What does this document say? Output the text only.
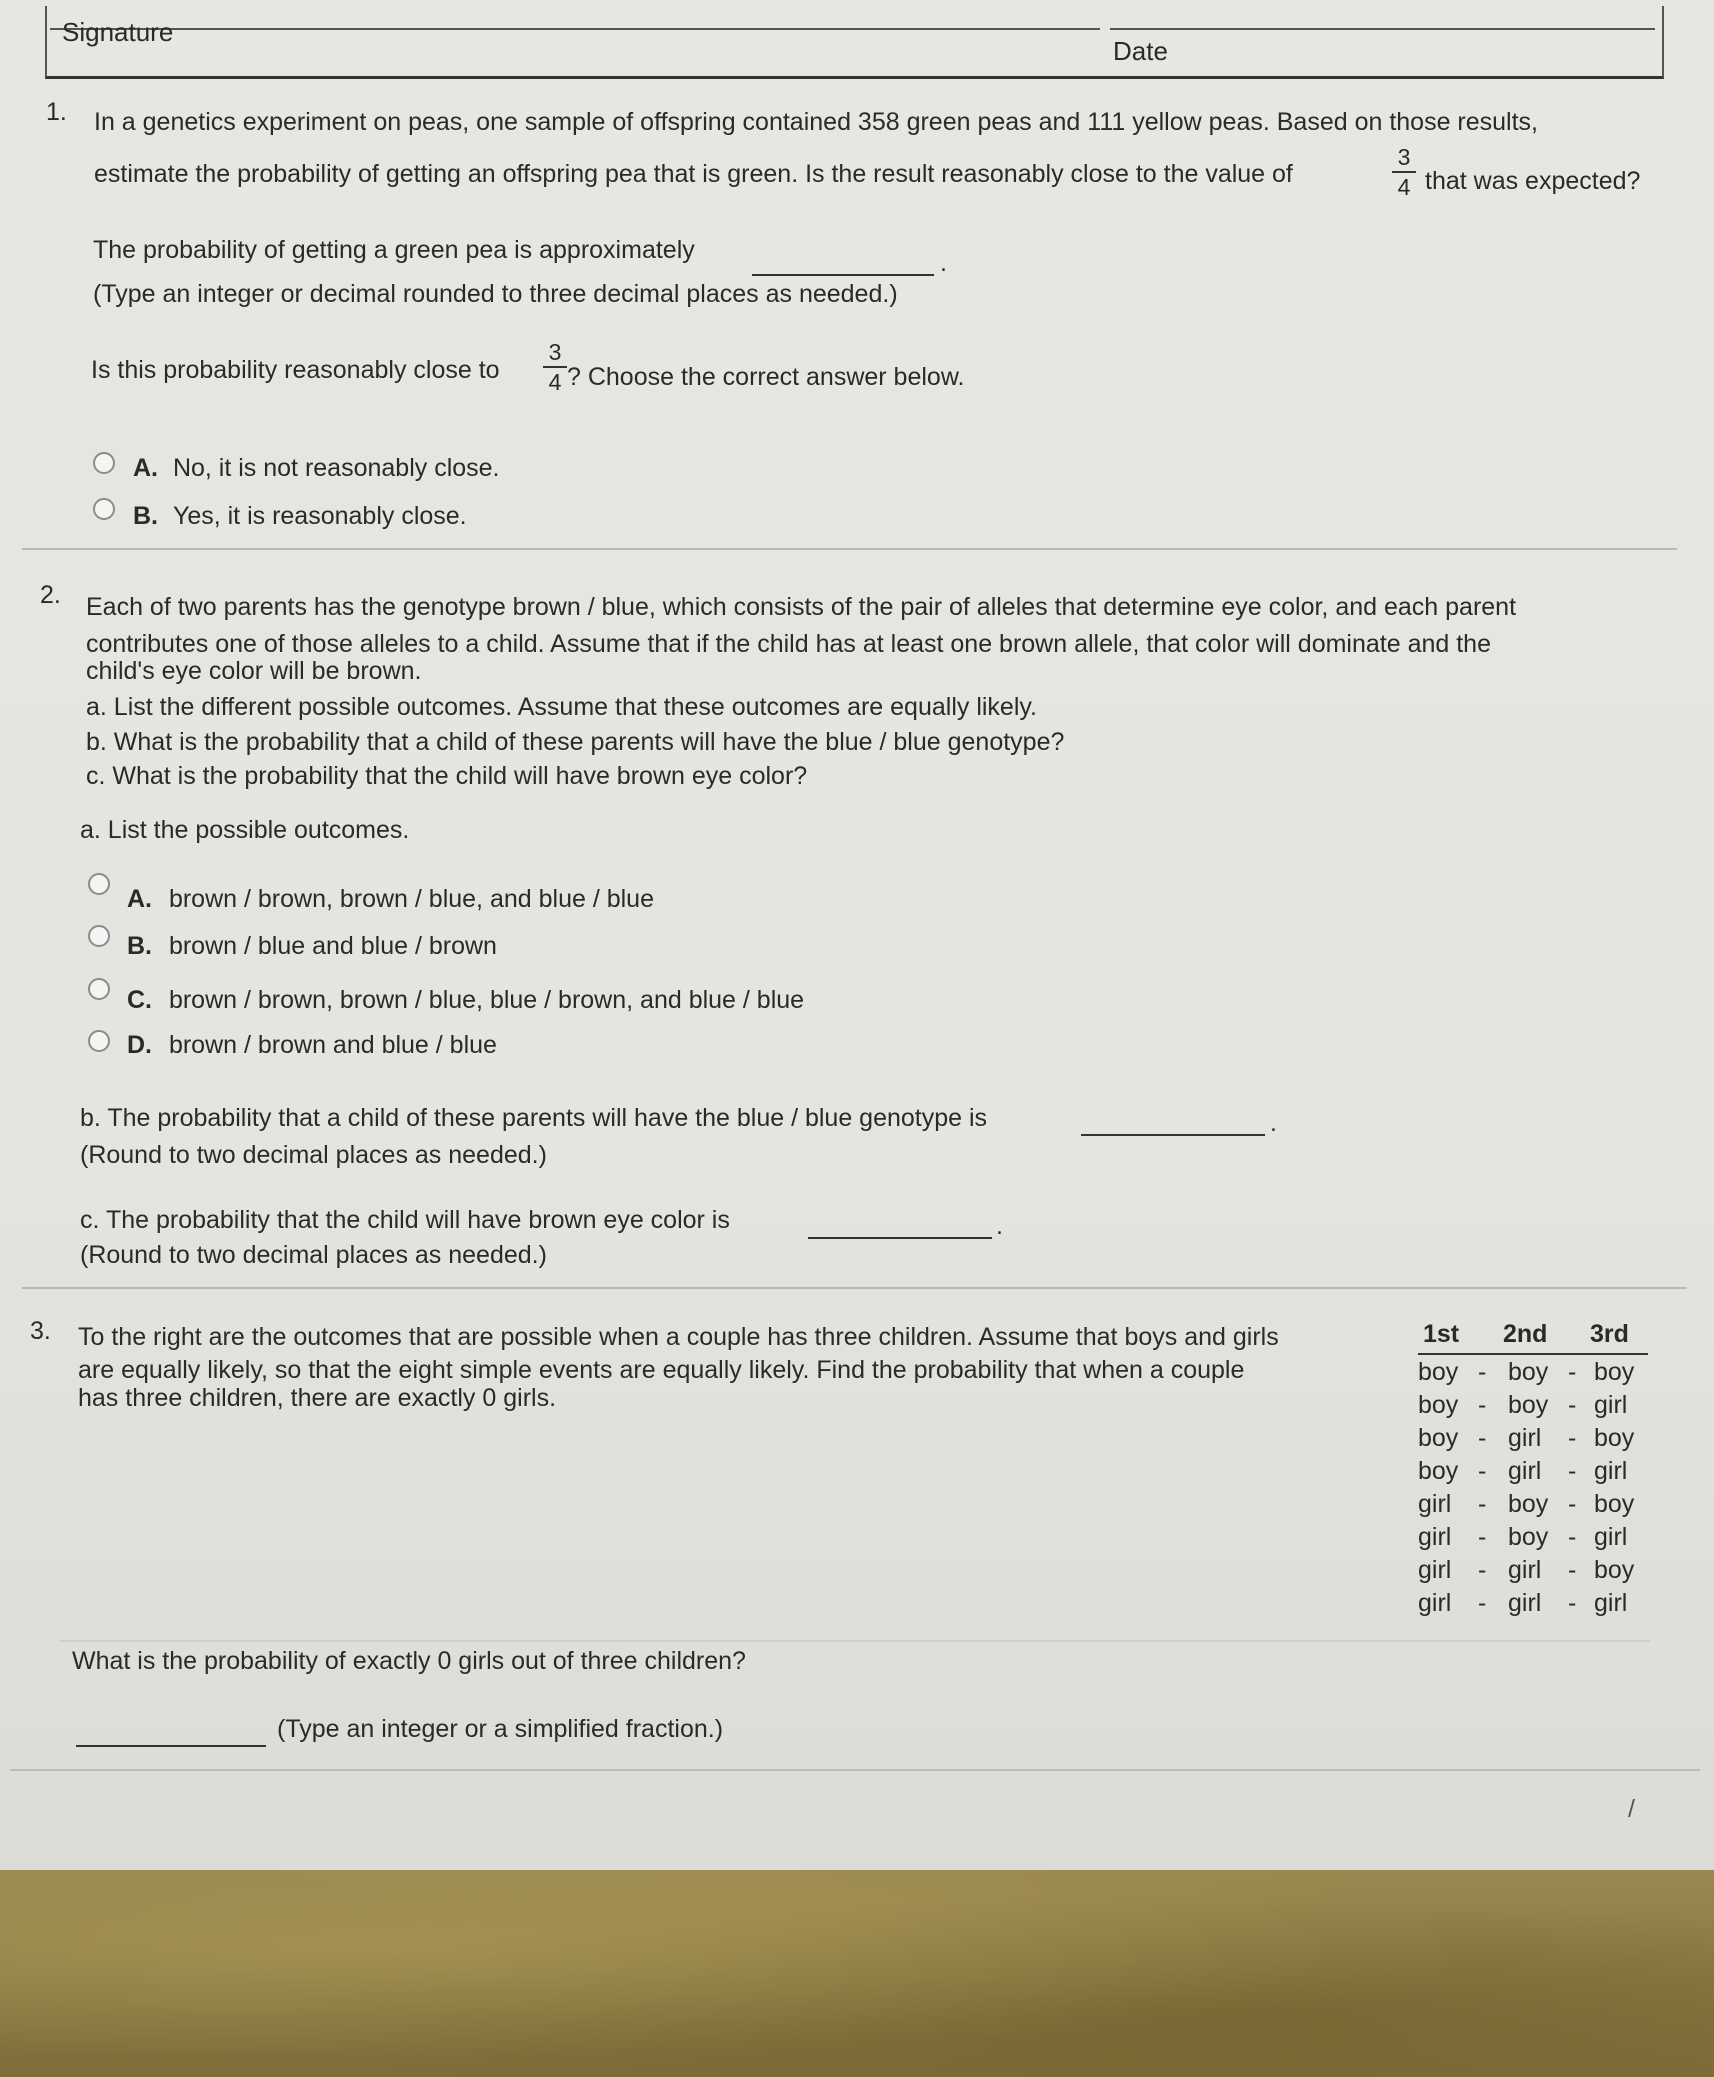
Signature
Date
1. In a genetics experiment on peas, one sample of offspring contained 358 green peas and 111 yellow peas. Based on those results,
estimate the probability of getting an offspring pea that is green. Is the result reasonably close to the value of
3
4 that was expected?
The probability of getting a green pea is approximately	.
(Type an integer or decimal rounded to three decimal places as needed.)
Is this probability reasonably close to
3
4 ? Choose the correct answer below.
A. No, it is not reasonably close.
B. Yes, it is reasonably close.
2. Each of two parents has the genotype brown / blue, which consists of the pair of alleles that determine eye color, and each parent
contributes one of those alleles to a child. Assume that if the child has at least one brown allele, that color will dominate and the
child's eye color will be brown.
a. List the different possible outcomes. Assume that these outcomes are equally likely.
b. What is the probability that a child of these parents will have the blue / blue genotype?
c. What is the probability that the child will have brown eye color?
a. List the possible outcomes.
A. brown / brown, brown / blue, and blue / blue
B. brown / blue and blue / brown
C. brown / brown, brown / blue, blue / brown, and blue / blue
D. brown / brown and blue / blue
b. The probability that a child of these parents will have the blue / blue genotype is	.
(Round to two decimal places as needed.)
c. The probability that the child will have brown eye color is	.
(Round to two decimal places as needed.)
3. To the right are the outcomes that are possible when a couple has three children. Assume that boys and girls
are equally likely, so that the eight simple events are equally likely. Find the probability that when a couple
has three children, there are exactly 0 girls.
1st 2nd 3rd
boy - boy - boy
boy - boy - girl
boy - girl - boy
boy - girl - girl
girl - boy - boy
girl - boy - girl
girl - girl - boy
girl - girl - girl
What is the probability of exactly 0 girls out of three children?
(Type an integer or a simplified fraction.)
/
